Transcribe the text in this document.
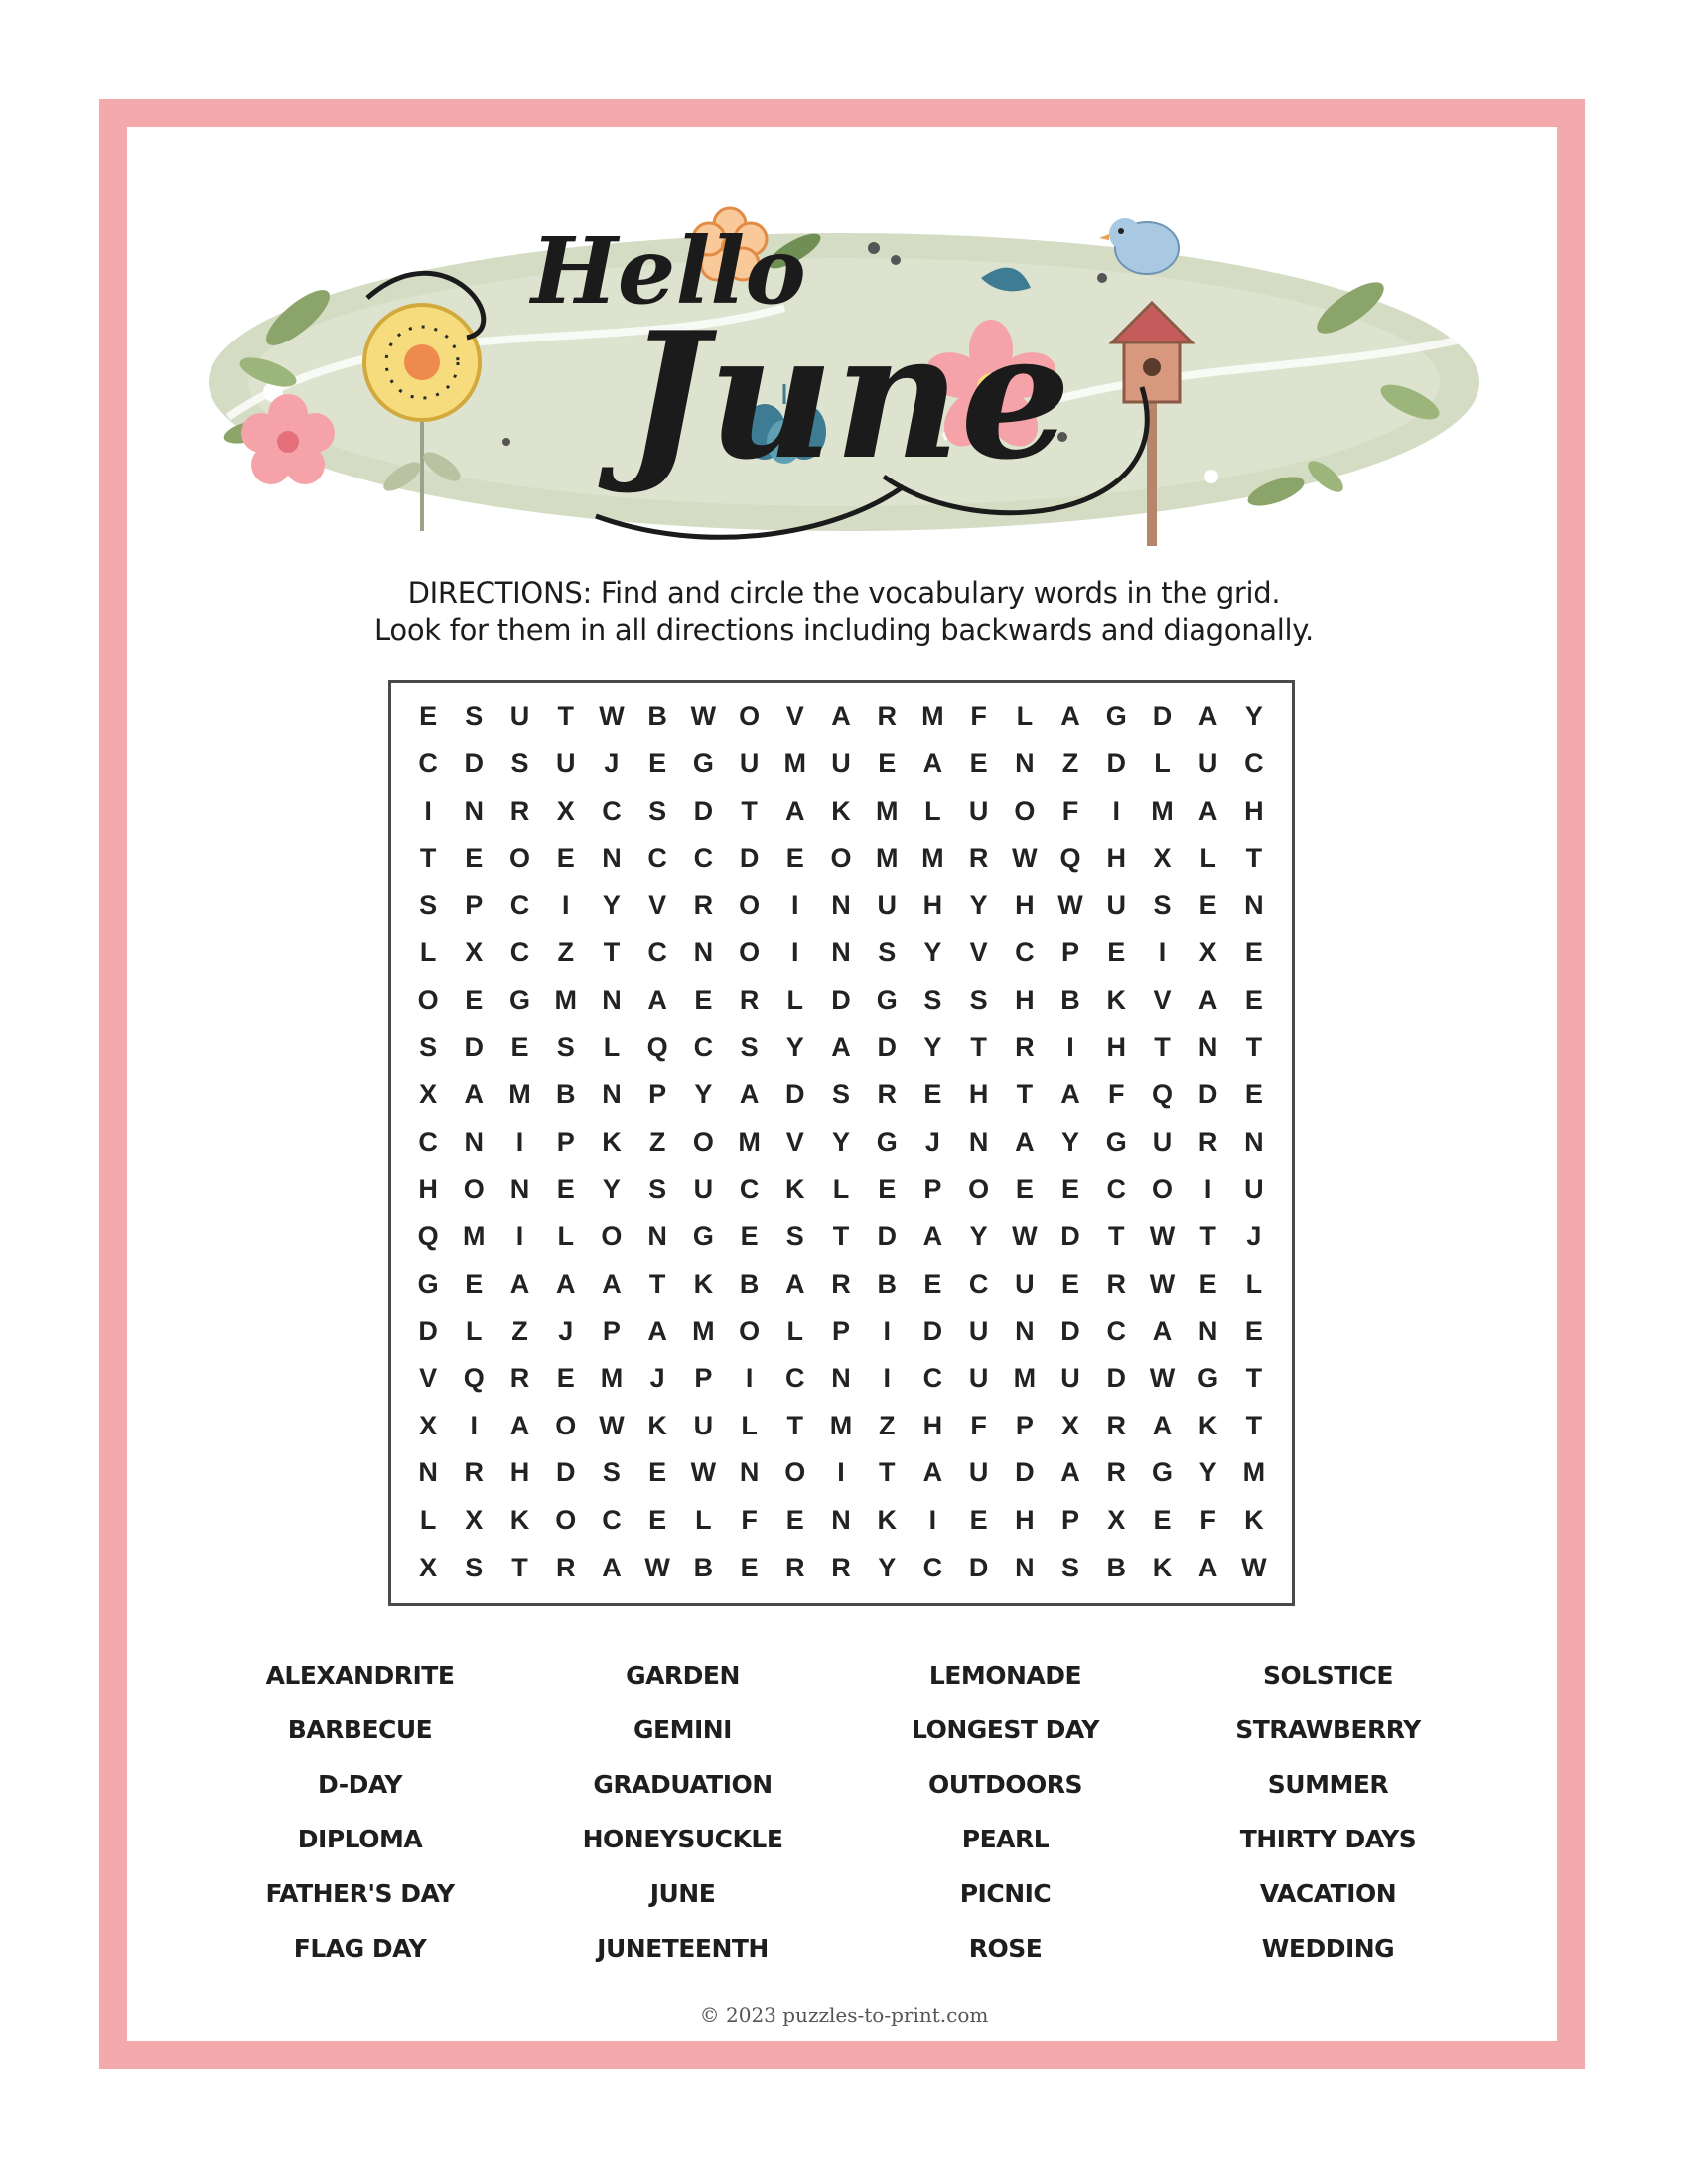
Hello
June
DIRECTIONS: Find and circle the vocabulary words in the grid.
Look for them in all directions including backwards and diagonally.
E	S	U	T W B W O V	A R M F	L	A G D A	Y
C D	S	U	J	E G U M U	E	A	E	N	Z	D	L	U C
I	N R	X	C	S	D	T	A K M L	U O	F	I	M A H
T	E O E	N C C D	E O M M R W Q H	X	L	T
S	P	C	I	Y	V	R O	I	N U H	Y	H W U	S	E	N
L	X	C	Z	T	C N O	I	N	S	Y	V	C	P	E	I	X	E
O E G M N A	E	R	L	D G S	S	H B K	V	A	E
S	D	E	S	L	Q C	S	Y	A D	Y	T	R	I	H	T	N	T
X	A M B N	P	Y	A D	S	R	E	H	T	A	F	Q D	E
C N	I	P	K	Z	O M V	Y G	J	N A	Y G U R N
H O N	E	Y	S	U C K	L	E	P O E	E	C O	I	U
Q M	I	L	O N G E	S	T	D A	Y W D	T W T	J
G E	A A A	T	K B A R B	E	C U	E	R W E	L
D	L	Z	J	P	A M O	L	P	I	D U N D C A N	E
V Q R	E M	J	P	I	C N	I	C U M U D W G	T
X	I	A O W K U	L	T M Z	H	F	P	X	R A K	T
N R H D	S	E W N O	I	T	A U D A R G Y M
L	X	K O C	E	L	F	E	N K	I	E	H	P	X	E	F	K
X	S	T	R A W B	E	R R	Y	C D N	S	B K A W
ALEXANDRITE	GARDEN	LEMONADE	SOLSTICE
BARBECUE	GEMINI	LONGEST DAY	STRAWBERRY
D-DAY	GRADUATION	OUTDOORS	SUMMER
DIPLOMA	HONEYSUCKLE	PEARL	THIRTY DAYS
FATHER'S DAY	JUNE	PICNIC	VACATION
FLAG DAY	JUNETEENTH	ROSE	WEDDING
© 2023 puzzles-to-print.com
